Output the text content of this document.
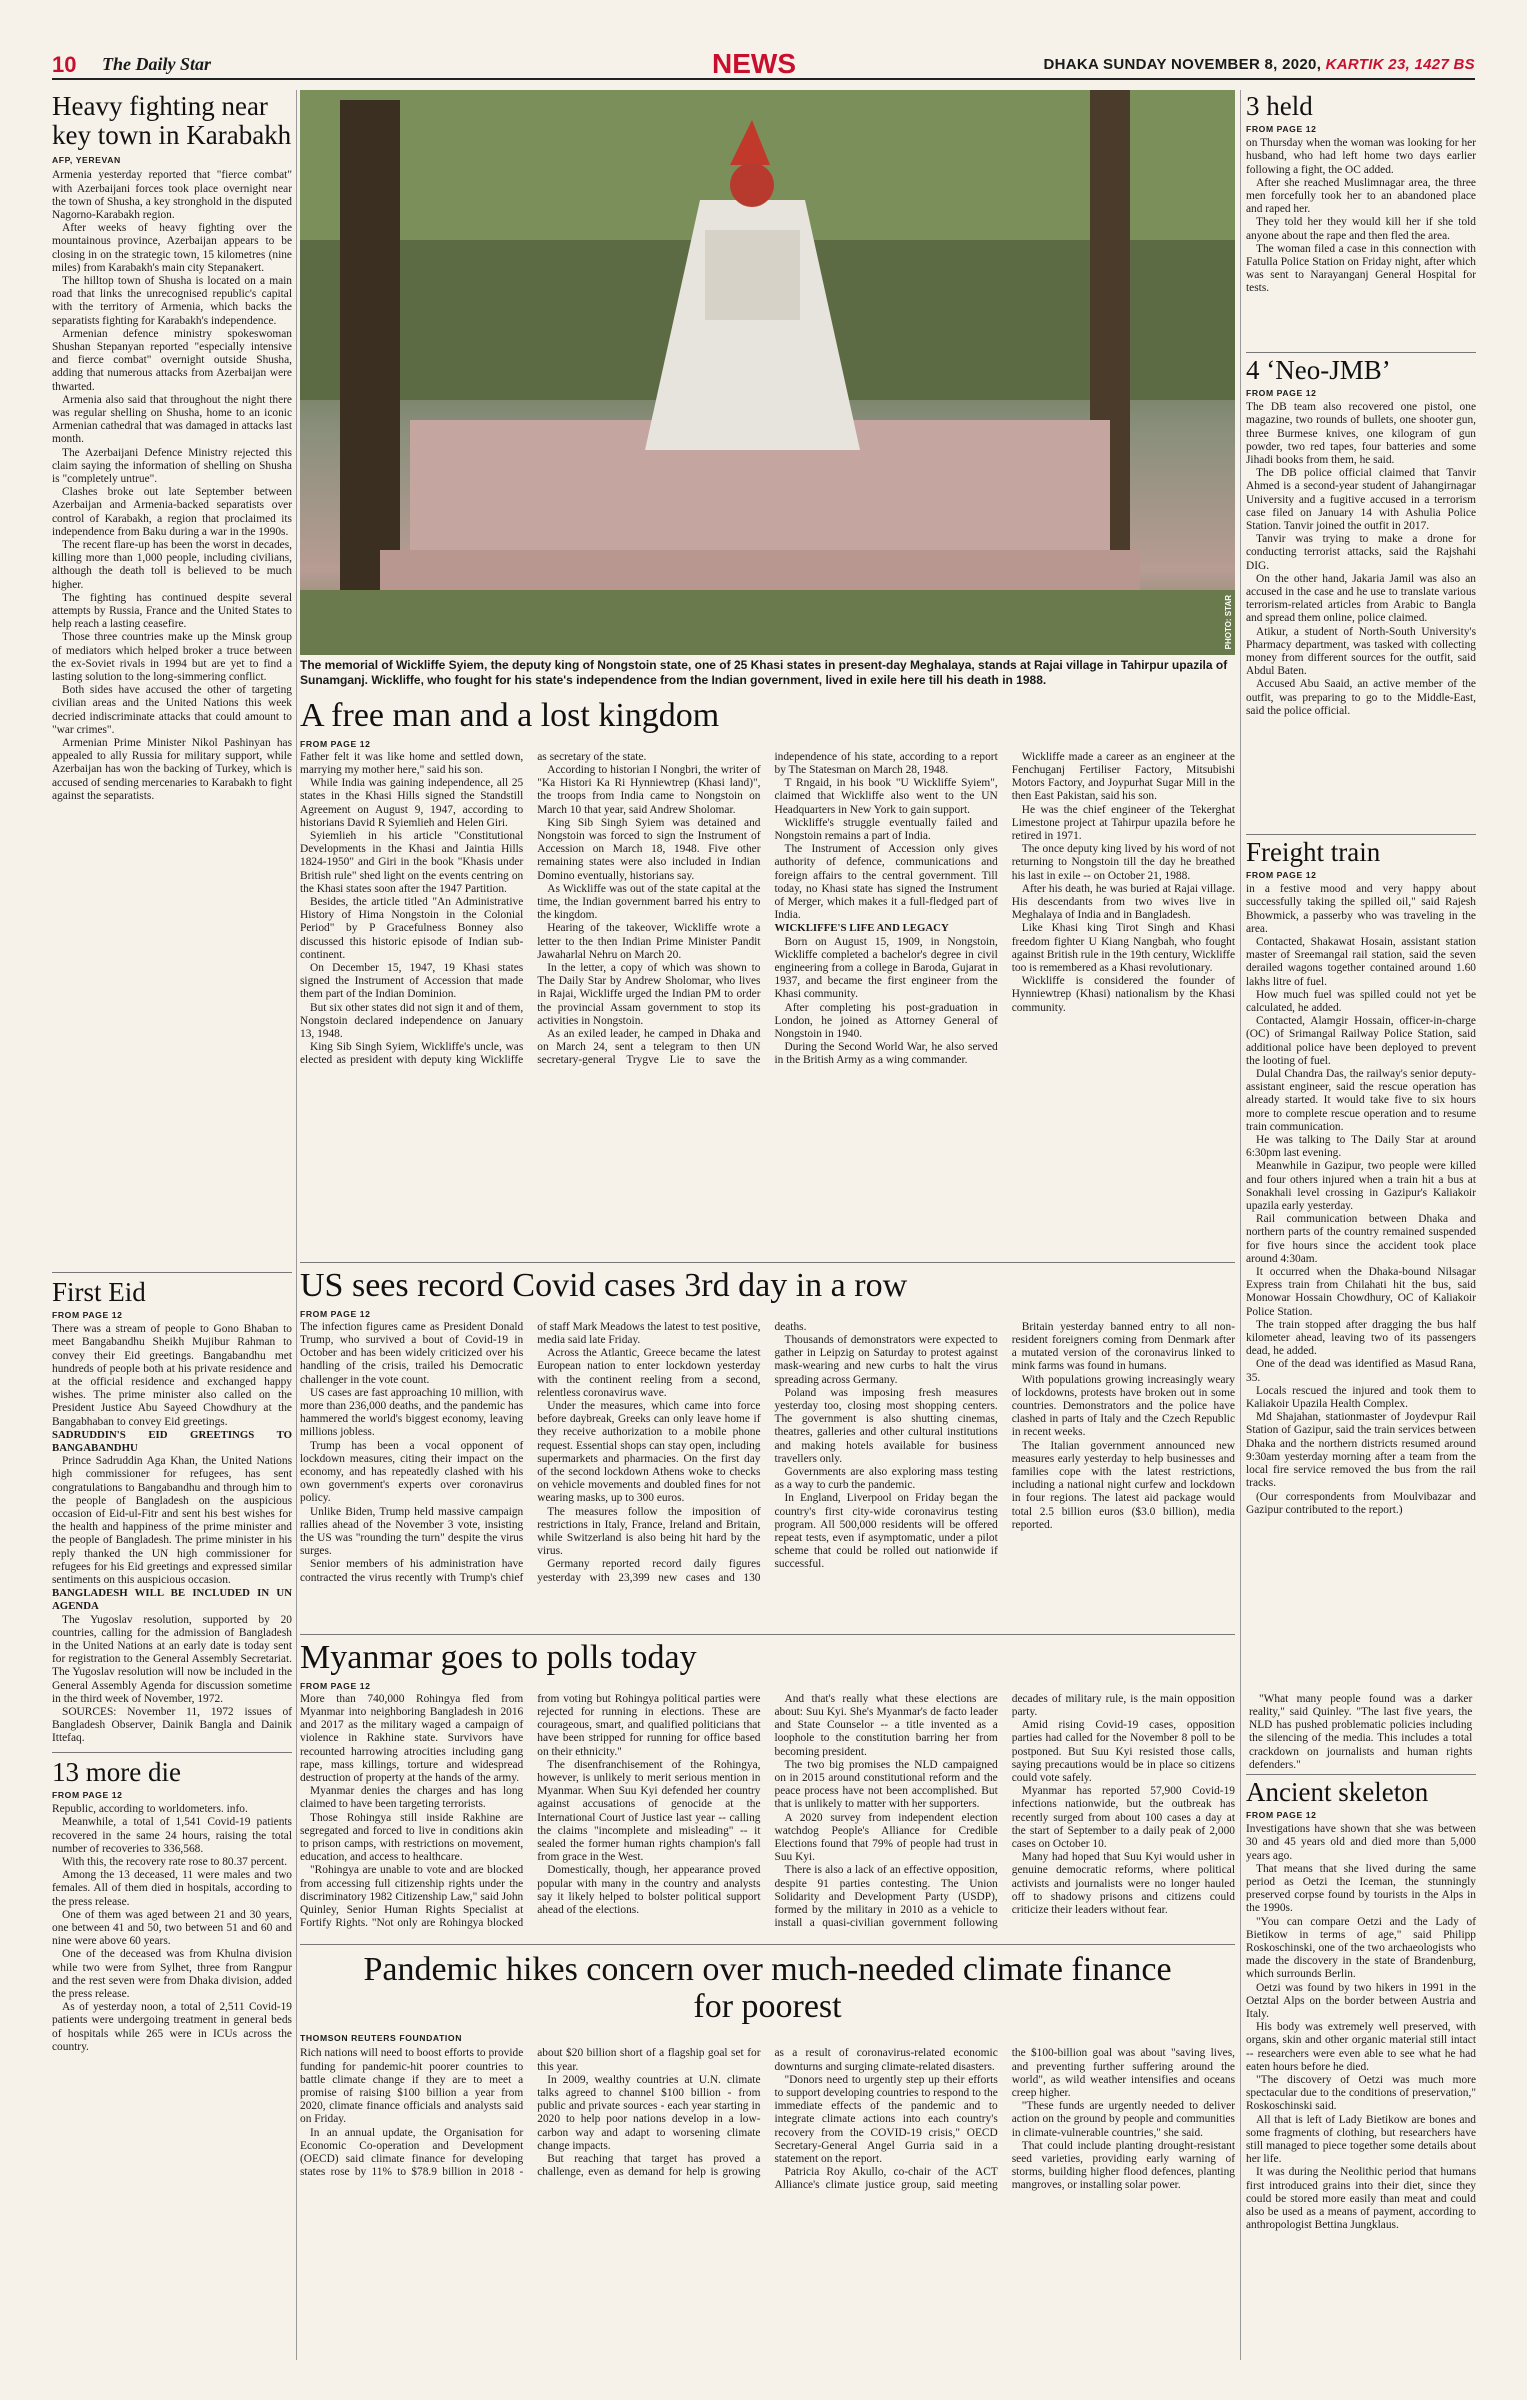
10 The Daily Star	NEWS	DHAKA SUNDAY NOVEMBER 8, 2020, KARTIK 23, 1427 BS
Heavy fighting near key town in Karabakh
AFP, YEREVAN

Armenia yesterday reported that "fierce combat" with Azerbaijani forces took place overnight near the town of Shusha, a key stronghold in the disputed Nagorno-Karabakh region.

After weeks of heavy fighting over the mountainous province, Azerbaijan appears to be closing in on the strategic town, 15 kilometres (nine miles) from Karabakh's main city Stepanakert.

The hilltop town of Shusha is located on a main road that links the unrecognised republic's capital with the territory of Armenia, which backs the separatists fighting for Karabakh's independence.

Armenian defence ministry spokeswoman Shushan Stepanyan reported "especially intensive and fierce combat" overnight outside Shusha, adding that numerous attacks from Azerbaijan were thwarted.

Armenia also said that throughout the night there was regular shelling on Shusha, home to an iconic Armenian cathedral that was damaged in attacks last month.

The Azerbaijani Defence Ministry rejected this claim saying the information of shelling on Shusha is "completely untrue".

Clashes broke out late September between Azerbaijan and Armenia-backed separatists over control of Karabakh, a region that proclaimed its independence from Baku during a war in the 1990s.

The recent flare-up has been the worst in decades, killing more than 1,000 people, including civilians, although the death toll is believed to be much higher.

The fighting has continued despite several attempts by Russia, France and the United States to help reach a lasting ceasefire.

Those three countries make up the Minsk group of mediators which helped broker a truce between the ex-Soviet rivals in 1994 but are yet to find a lasting solution to the long-simmering conflict.

Both sides have accused the other of targeting civilian areas and the United Nations this week decried indiscriminate attacks that could amount to "war crimes".

Armenian Prime Minister Nikol Pashinyan has appealed to ally Russia for military support, while Azerbaijan has won the backing of Turkey, which is accused of sending mercenaries to Karabakh to fight against the separatists.

First Eid
FROM PAGE 12

There was a stream of people to Gono Bhaban to meet Bangabandhu Sheikh Mujibur Rahman to convey their Eid greetings. Bangabandhu met hundreds of people both at his private residence and at the official residence and exchanged happy wishes. The prime minister also called on the President Justice Abu Sayeed Chowdhury at the Bangabhaban to convey Eid greetings.

SADRUDDIN'S EID GREETINGS TO BANGABANDHU

Prince Sadruddin Aga Khan, the United Nations high commissioner for refugees, has sent congratulations to Bangabandhu and through him to the people of Bangladesh on the auspicious occasion of Eid-ul-Fitr and sent his best wishes for the health and happiness of the prime minister and the people of Bangladesh. The prime minister in his reply thanked the UN high commissioner for refugees for his Eid greetings and expressed similar sentiments on this auspicious occasion.

BANGLADESH WILL BE INCLUDED IN UN AGENDA

The Yugoslav resolution, supported by 20 countries, calling for the admission of Bangladesh in the United Nations at an early date is today sent for registration to the General Assembly Secretariat. The Yugoslav resolution will now be included in the General Assembly Agenda for discussion sometime in the third week of November, 1972.

SOURCES: November 11, 1972 issues of Bangladesh Observer, Dainik Bangla and Dainik Ittefaq.

13 more die
FROM PAGE 12

Republic, according to worldometers. info.

Meanwhile, a total of 1,541 Covid-19 patients recovered in the same 24 hours, raising the total number of recoveries to 336,568.

With this, the recovery rate rose to 80.37 percent.

Among the 13 deceased, 11 were males and two females. All of them died in hospitals, according to the press release.

One of them was aged between 21 and 30 years, one between 41 and 50, two between 51 and 60 and nine were above 60 years.

One of the deceased was from Khulna division while two were from Sylhet, three from Rangpur and the rest seven were from Dhaka division, added the press release.

As of yesterday noon, a total of 2,511 Covid-19 patients were undergoing treatment in general beds of hospitals while 265 were in ICUs across the country.

PHOTO: STAR
The memorial of Wickliffe Syiem, the deputy king of Nongstoin state, one of 25 Khasi states in present-day Meghalaya, stands at Rajai village in Tahirpur upazila of Sunamganj. Wickliffe, who fought for his state's independence from the Indian government, lived in exile here till his death in 1988.
A free man and a lost kingdom
FROM PAGE 12

Father felt it was like home and settled down, marrying my mother here," said his son.

While India was gaining independence, all 25 states in the Khasi Hills signed the Standstill Agreement on August 9, 1947, according to historians David R Syiemlieh and Helen Giri.

Syiemlieh in his article "Constitutional Developments in the Khasi and Jaintia Hills 1824-1950" and Giri in the book "Khasis under British rule" shed light on the events centring on the Khasi states soon after the 1947 Partition.

Besides, the article titled "An Administrative History of Hima Nongstoin in the Colonial Period" by P Gracefulness Bonney also discussed this historic episode of Indian sub-continent.

On December 15, 1947, 19 Khasi states signed the Instrument of Accession that made them part of the Indian Dominion.

But six other states did not sign it and of them, Nongstoin declared independence on January 13, 1948.

King Sib Singh Syiem, Wickliffe's uncle, was elected as president with deputy king Wickliffe as secretary of the state.

According to historian I Nongbri, the writer of "Ka Histori Ka Ri Hynniewtrep (Khasi land)", the troops from India came to Nongstoin on March 10 that year, said Andrew Sholomar.

King Sib Singh Syiem was detained and Nongstoin was forced to sign the Instrument of Accession on March 18, 1948. Five other remaining states were also included in Indian Domino eventually, historians say.

As Wickliffe was out of the state capital at the time, the Indian government barred his entry to the kingdom.

Hearing of the takeover, Wickliffe wrote a letter to the then Indian Prime Minister Pandit Jawaharlal Nehru on March 20.

In the letter, a copy of which was shown to The Daily Star by Andrew Sholomar, who lives in Rajai, Wickliffe urged the Indian PM to order the provincial Assam government to stop its activities in Nongstoin.

As an exiled leader, he camped in Dhaka and on March 24, sent a telegram to then UN secretary-general Trygve Lie to save the independence of his state, according to a report by The Statesman on March 28, 1948.

T Rngaid, in his book "U Wickliffe Syiem", claimed that Wickliffe also went to the UN Headquarters in New York to gain support.

Wickliffe's struggle eventually failed and Nongstoin remains a part of India.

The Instrument of Accession only gives authority of defence, communications and foreign affairs to the central government. Till today, no Khasi state has signed the Instrument of Merger, which makes it a full-fledged part of India.

WICKLIFFE'S LIFE AND LEGACY

Born on August 15, 1909, in Nongstoin, Wickliffe completed a bachelor's degree in civil engineering from a college in Baroda, Gujarat in 1937, and became the first engineer from the Khasi community.

After completing his post-graduation in London, he joined as Attorney General of Nongstoin in 1940.

During the Second World War, he also served in the British Army as a wing commander.

Wickliffe made a career as an engineer at the Fenchuganj Fertiliser Factory, Mitsubishi Motors Factory, and Joypurhat Sugar Mill in the then East Pakistan, said his son.

He was the chief engineer of the Tekerghat Limestone project at Tahirpur upazila before he retired in 1971.

The once deputy king lived by his word of not returning to Nongstoin till the day he breathed his last in exile -- on October 21, 1988.

After his death, he was buried at Rajai village. His descendants from two wives live in Meghalaya of India and in Bangladesh.

Like Khasi king Tirot Singh and Khasi freedom fighter U Kiang Nangbah, who fought against British rule in the 19th century, Wickliffe too is remembered as a Khasi revolutionary.

Wickliffe is considered the founder of Hynniewtrep (Khasi) nationalism by the Khasi community.

US sees record Covid cases 3rd day in a row
FROM PAGE 12

The infection figures came as President Donald Trump, who survived a bout of Covid-19 in October and has been widely criticized over his handling of the crisis, trailed his Democratic challenger in the vote count.

US cases are fast approaching 10 million, with more than 236,000 deaths, and the pandemic has hammered the world's biggest economy, leaving millions jobless.

Trump has been a vocal opponent of lockdown measures, citing their impact on the economy, and has repeatedly clashed with his own government's experts over coronavirus policy.

Unlike Biden, Trump held massive campaign rallies ahead of the November 3 vote, insisting the US was "rounding the turn" despite the virus surges.

Senior members of his administration have contracted the virus recently with Trump's chief of staff Mark Meadows the latest to test positive, media said late Friday.

Across the Atlantic, Greece became the latest European nation to enter lockdown yesterday with the continent reeling from a second, relentless coronavirus wave.

Under the measures, which came into force before daybreak, Greeks can only leave home if they receive authorization to a mobile phone request. Essential shops can stay open, including supermarkets and pharmacies. On the first day of the second lockdown Athens woke to checks on vehicle movements and doubled fines for not wearing masks, up to 300 euros.

The measures follow the imposition of restrictions in Italy, France, Ireland and Britain, while Switzerland is also being hit hard by the virus.

Germany reported record daily figures yesterday with 23,399 new cases and 130 deaths.

Thousands of demonstrators were expected to gather in Leipzig on Saturday to protest against mask-wearing and new curbs to halt the virus spreading across Germany.

Poland was imposing fresh measures yesterday too, closing most shopping centers. The government is also shutting cinemas, theatres, galleries and other cultural institutions and making hotels available for business travellers only.

Governments are also exploring mass testing as a way to curb the pandemic.

In England, Liverpool on Friday began the country's first city-wide coronavirus testing program. All 500,000 residents will be offered repeat tests, even if asymptomatic, under a pilot scheme that could be rolled out nationwide if successful.

Britain yesterday banned entry to all non-resident foreigners coming from Denmark after a mutated version of the coronavirus linked to mink farms was found in humans.

With populations growing increasingly weary of lockdowns, protests have broken out in some countries. Demonstrators and the police have clashed in parts of Italy and the Czech Republic in recent weeks.

The Italian government announced new measures early yesterday to help businesses and families cope with the latest restrictions, including a national night curfew and lockdown in four regions. The latest aid package would total 2.5 billion euros ($3.0 billion), media reported.

Myanmar goes to polls today
FROM PAGE 12

More than 740,000 Rohingya fled from Myanmar into neighboring Bangladesh in 2016 and 2017 as the military waged a campaign of violence in Rakhine state. Survivors have recounted harrowing atrocities including gang rape, mass killings, torture and widespread destruction of property at the hands of the army.

Myanmar denies the charges and has long claimed to have been targeting terrorists.

Those Rohingya still inside Rakhine are segregated and forced to live in conditions akin to prison camps, with restrictions on movement, education, and access to healthcare.

"Rohingya are unable to vote and are blocked from accessing full citizenship rights under the discriminatory 1982 Citizenship Law," said John Quinley, Senior Human Rights Specialist at Fortify Rights. "Not only are Rohingya blocked from voting but Rohingya political parties were rejected for running in elections. These are courageous, smart, and qualified politicians that have been stripped for running for office based on their ethnicity."

The disenfranchisement of the Rohingya, however, is unlikely to merit serious mention in Myanmar. When Suu Kyi defended her country against accusations of genocide at the International Court of Justice last year -- calling the claims "incomplete and misleading" -- it sealed the former human rights champion's fall from grace in the West.

Domestically, though, her appearance proved popular with many in the country and analysts say it likely helped to bolster political support ahead of the elections.

And that's really what these elections are about: Suu Kyi. She's Myanmar's de facto leader and State Counselor -- a title invented as a loophole to the constitution barring her from becoming president.

The two big promises the NLD campaigned on in 2015 around constitutional reform and the peace process have not been accomplished. But that is unlikely to matter with her supporters.

A 2020 survey from independent election watchdog People's Alliance for Credible Elections found that 79% of people had trust in Suu Kyi.

There is also a lack of an effective opposition, despite 91 parties contesting. The Union Solidarity and Development Party (USDP), formed by the military in 2010 as a vehicle to install a quasi-civilian government following decades of military rule, is the main opposition party.

Amid rising Covid-19 cases, opposition parties had called for the November 8 poll to be postponed. But Suu Kyi resisted those calls, saying precautions would be in place so citizens could vote safely.

Myanmar has reported 57,900 Covid-19 infections nationwide, but the outbreak has recently surged from about 100 cases a day at the start of September to a daily peak of 2,000 cases on October 10.

Many had hoped that Suu Kyi would usher in genuine democratic reforms, where political activists and journalists were no longer hauled off to shadowy prisons and citizens could criticize their leaders without fear.

"What many people found was a darker reality," said Quinley. "The last five years, the NLD has pushed problematic policies including the silencing of the media. This includes a total crackdown on journalists and human rights defenders."

Pandemic hikes concern over much-needed climate finance for poorest
THOMSON REUTERS FOUNDATION

Rich nations will need to boost efforts to provide funding for pandemic-hit poorer countries to battle climate change if they are to meet a promise of raising $100 billion a year from 2020, climate finance officials and analysts said on Friday.

In an annual update, the Organisation for Economic Co-operation and Development (OECD) said climate finance for developing states rose by 11% to $78.9 billion in 2018 - about $20 billion short of a flagship goal set for this year.

In 2009, wealthy countries at U.N. climate talks agreed to channel $100 billion - from public and private sources - each year starting in 2020 to help poor nations develop in a low-carbon way and adapt to worsening climate change impacts.

But reaching that target has proved a challenge, even as demand for help is growing as a result of coronavirus-related economic downturns and surging climate-related disasters.

"Donors need to urgently step up their efforts to support developing countries to respond to the immediate effects of the pandemic and to integrate climate actions into each country's recovery from the COVID-19 crisis," OECD Secretary-General Angel Gurria said in a statement on the report.

Patricia Roy Akullo, co-chair of the ACT Alliance's climate justice group, said meeting the $100-billion goal was about "saving lives, and preventing further suffering around the world", as wild weather intensifies and oceans creep higher.

"These funds are urgently needed to deliver action on the ground by people and communities in climate-vulnerable countries," she said.

That could include planting drought-resistant seed varieties, providing early warning of storms, building higher flood defences, planting mangroves, or installing solar power.

3 held
FROM PAGE 12

on Thursday when the woman was looking for her husband, who had left home two days earlier following a fight, the OC added.

After she reached Muslimnagar area, the three men forcefully took her to an abandoned place and raped her.

They told her they would kill her if she told anyone about the rape and then fled the area.

The woman filed a case in this connection with Fatulla Police Station on Friday night, after which was sent to Narayanganj General Hospital for tests.

4 ‘Neo-JMB’
FROM PAGE 12

The DB team also recovered one pistol, one magazine, two rounds of bullets, one shooter gun, three Burmese knives, one kilogram of gun powder, two red tapes, four batteries and some Jihadi books from them, he said.

The DB police official claimed that Tanvir Ahmed is a second-year student of Jahangirnagar University and a fugitive accused in a terrorism case filed on January 14 with Ashulia Police Station. Tanvir joined the outfit in 2017.

Tanvir was trying to make a drone for conducting terrorist attacks, said the Rajshahi DIG.

On the other hand, Jakaria Jamil was also an accused in the case and he use to translate various terrorism-related articles from Arabic to Bangla and spread them online, police claimed.

Atikur, a student of North-South University's Pharmacy department, was tasked with collecting money from different sources for the outfit, said Abdul Baten.

Accused Abu Saaid, an active member of the outfit, was preparing to go to the Middle-East, said the police official.

Freight train
FROM PAGE 12

in a festive mood and very happy about successfully taking the spilled oil," said Rajesh Bhowmick, a passerby who was traveling in the area.

Contacted, Shakawat Hosain, assistant station master of Sreemangal rail station, said the seven derailed wagons together contained around 1.60 lakhs litre of fuel.

How much fuel was spilled could not yet be calculated, he added.

Contacted, Alamgir Hossain, officer-in-charge (OC) of Srimangal Railway Police Station, said additional police have been deployed to prevent the looting of fuel.

Dulal Chandra Das, the railway's senior deputy-assistant engineer, said the rescue operation has already started. It would take five to six hours more to complete rescue operation and to resume train communication.

He was talking to The Daily Star at around 6:30pm last evening.

Meanwhile in Gazipur, two people were killed and four others injured when a train hit a bus at Sonakhali level crossing in Gazipur's Kaliakoir upazila early yesterday.

Rail communication between Dhaka and northern parts of the country remained suspended for five hours since the accident took place around 4:30am.

It occurred when the Dhaka-bound Nilsagar Express train from Chilahati hit the bus, said Monowar Hossain Chowdhury, OC of Kaliakoir Police Station.

The train stopped after dragging the bus half kilometer ahead, leaving two of its passengers dead, he added.

One of the dead was identified as Masud Rana, 35.

Locals rescued the injured and took them to Kaliakoir Upazila Health Complex.

Md Shajahan, stationmaster of Joydevpur Rail Station of Gazipur, said the train services between Dhaka and the northern districts resumed around 9:30am yesterday morning after a team from the local fire service removed the bus from the rail tracks.

(Our correspondents from Moulvibazar and Gazipur contributed to the report.)

Ancient skeleton
FROM PAGE 12

Investigations have shown that she was between 30 and 45 years old and died more than 5,000 years ago.

That means that she lived during the same period as Oetzi the Iceman, the stunningly preserved corpse found by tourists in the Alps in the 1990s.

"You can compare Oetzi and the Lady of Bietikow in terms of age," said Philipp Roskoschinski, one of the two archaeologists who made the discovery in the state of Brandenburg, which surrounds Berlin.

Oetzi was found by two hikers in 1991 in the Oetztal Alps on the border between Austria and Italy.

His body was extremely well preserved, with organs, skin and other organic material still intact -- researchers were even able to see what he had eaten hours before he died.

"The discovery of Oetzi was much more spectacular due to the conditions of preservation," Roskoschinski said.

All that is left of Lady Bietikow are bones and some fragments of clothing, but researchers have still managed to piece together some details about her life.

It was during the Neolithic period that humans first introduced grains into their diet, since they could be stored more easily than meat and could also be used as a means of payment, according to anthropologist Bettina Jungklaus.
